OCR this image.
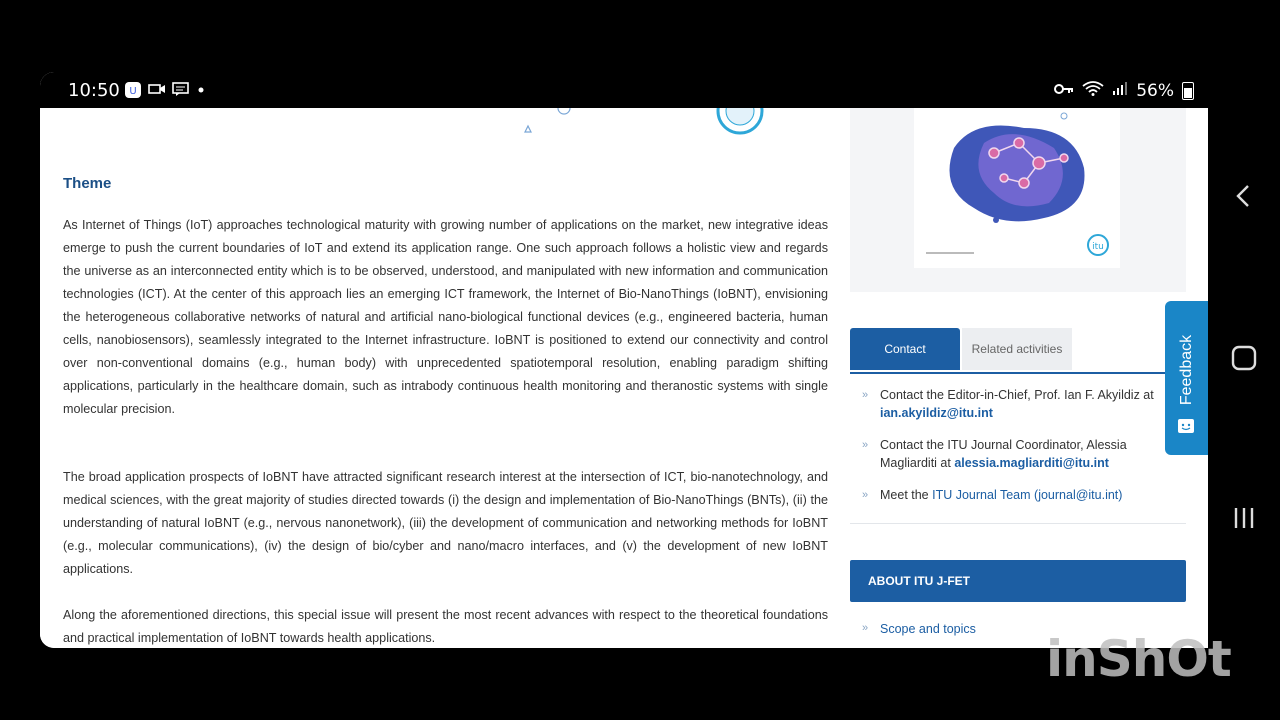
10:50 U	56%
Theme

As Internet of Things (IoT) approaches technological maturity with growing number of applications on the market, new integrative ideas emerge to push the current boundaries of IoT and extend its application range. One such approach follows a holistic view and regards the universe as an interconnected entity which is to be observed, understood, and manipulated with new information and communication technologies (ICT). At the center of this approach lies an emerging ICT framework, the Internet of Bio-NanoThings (IoBNT), envisioning the heterogeneous collaborative networks of natural and artificial nano-biological functional devices (e.g., engineered bacteria, human cells, nanobiosensors), seamlessly integrated to the Internet infrastructure. IoBNT is positioned to extend our connectivity and control over non-conventional domains (e.g., human body) with unprecedented spatiotemporal resolution, enabling paradigm shifting applications, particularly in the healthcare domain, such as intrabody continuous health monitoring and theranostic systems with single molecular precision.

The broad application prospects of IoBNT have attracted significant research interest at the intersection of ICT, bio-nanotechnology, and medical sciences, with the great majority of studies directed towards (i) the design and implementation of Bio-NanoThings (BNTs), (ii) the understanding of natural IoBNT (e.g., nervous nanonetwork), (iii) the development of communication and networking methods for IoBNT (e.g., molecular communications), (iv) the design of bio/cyber and nano/macro interfaces, and (v) the development of new IoBNT applications.

Along the aforementioned directions, this special issue will present the most recent advances with respect to the theoretical foundations and practical implementation of IoBNT towards health applications.

itu
Contact	Related activities
» Contact the Editor-in-Chief, Prof. Ian F. Akyildiz at ian.akyildiz@itu.int
» Contact the ITU Journal Coordinator, Alessia Magliarditi at alessia.magliarditi@itu.int
» Meet the ITU Journal Team (journal@itu.int)
ABOUT ITU J-FET
» Scope and topics
Feedback
inShOt
